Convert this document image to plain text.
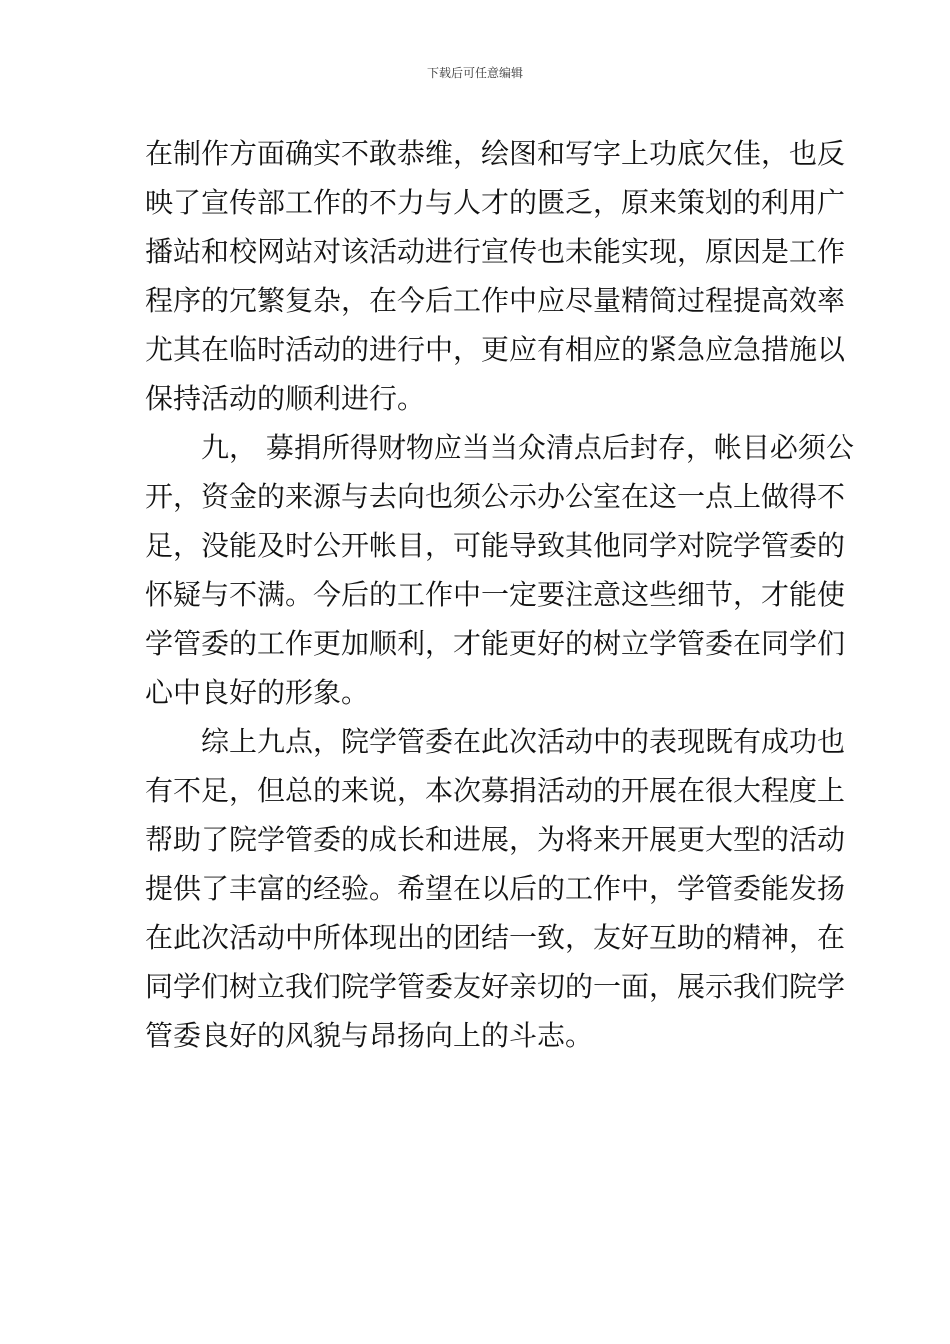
下载后可任意编辑
在制作方面确实不敢恭维，绘图和写字上功底欠佳，也反
映了宣传部工作的不力与人才的匮乏，原来策划的利用广
播站和校网站对该活动进行宣传也未能实现，原因是工作
程序的冗繁复杂，在今后工作中应尽量精简过程提高效率
尤其在临时活动的进行中，更应有相应的紧急应急措施以
保持活动的顺利进行。
九， 募捐所得财物应当当众清点后封存，帐目必须公
开，资金的来源与去向也须公示办公室在这一点上做得不
足，没能及时公开帐目，可能导致其他同学对院学管委的
怀疑与不满。今后的工作中一定要注意这些细节，才能使
学管委的工作更加顺利，才能更好的树立学管委在同学们
心中良好的形象。
综上九点，院学管委在此次活动中的表现既有成功也
有不足，但总的来说，本次募捐活动的开展在很大程度上
帮助了院学管委的成长和进展，为将来开展更大型的活动
提供了丰富的经验。希望在以后的工作中，学管委能发扬
在此次活动中所体现出的团结一致，友好互助的精神，在
同学们树立我们院学管委友好亲切的一面，展示我们院学
管委良好的风貌与昂扬向上的斗志。
